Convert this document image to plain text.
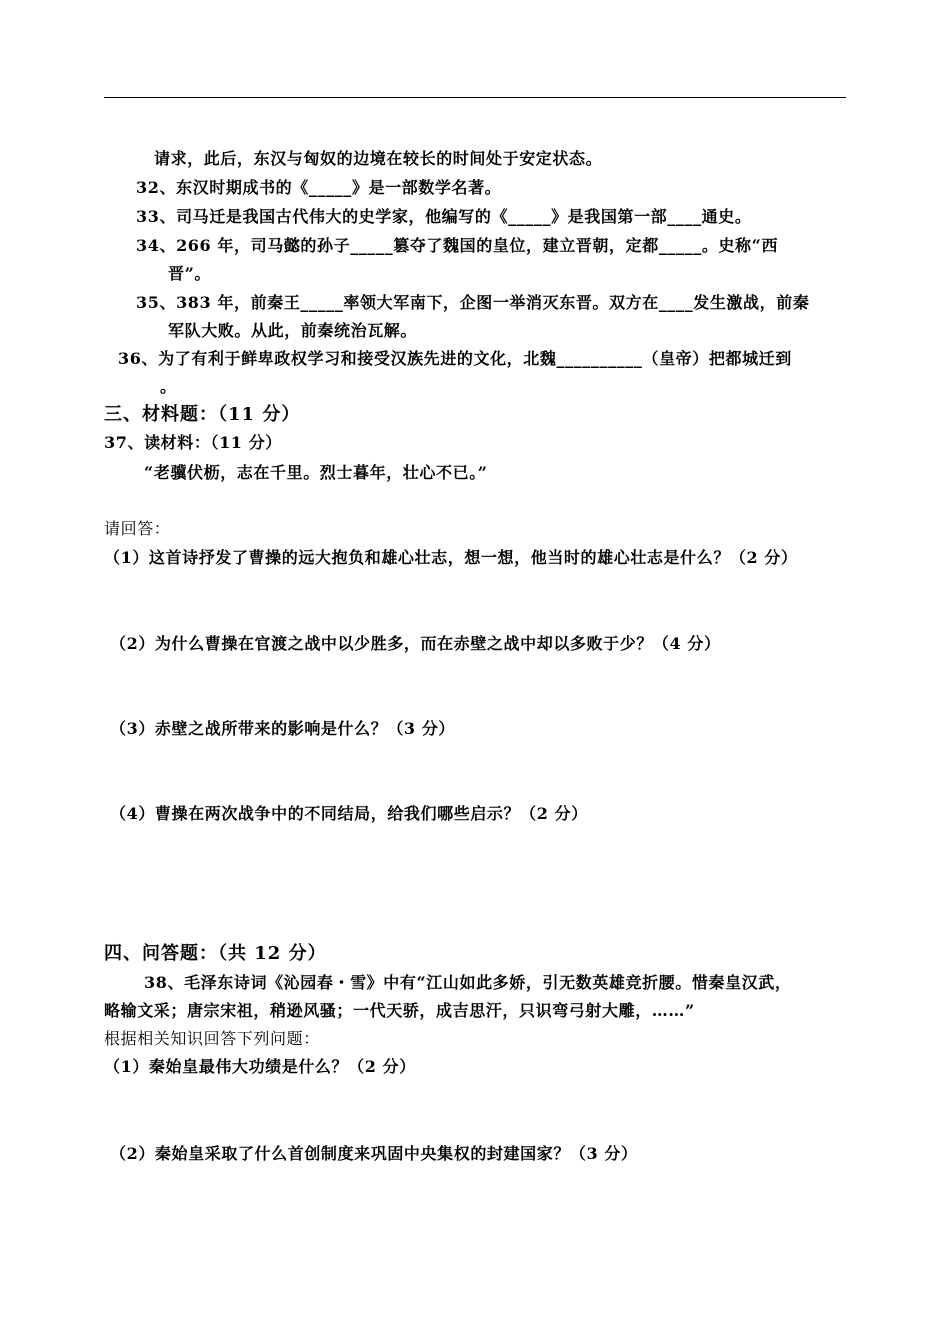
请求，此后，东汉与匈奴的边境在较长的时间处于安定状态。
32、东汉时期成书的《_____》是一部数学名著。
33、司马迁是我国古代伟大的史学家，他编写的《_____》是我国第一部____通史。
34、266 年，司马懿的孙子_____篡夺了魏国的皇位，建立晋朝，定都_____。史称“西
晋”。
35、383 年，前秦王_____率领大军南下，企图一举消灭东晋。双方在____发生激战，前秦
军队大败。从此，前秦统治瓦解。
36、为了有利于鲜卑政权学习和接受汉族先进的文化，北魏__________（皇帝）把都城迁到
。
三、材料题：（11 分）
37、读材料：（11 分）
“老骥伏枥，志在千里。烈士暮年，壮心不已。”
请回答：
（1）这首诗抒发了曹操的远大抱负和雄心壮志，想一想，他当时的雄心壮志是什么？（2 分）
（2）为什么曹操在官渡之战中以少胜多，而在赤壁之战中却以多败于少？（4 分）
（3）赤壁之战所带来的影响是什么？（3 分）
（4）曹操在两次战争中的不同结局，给我们哪些启示？（2 分）
四、问答题：（共 12 分）
38、毛泽东诗词《沁园春・雪》中有“江山如此多娇，引无数英雄竞折腰。惜秦皇汉武，
略输文采；唐宗宋祖，稍逊风骚；一代天骄，成吉思汗，只识弯弓射大雕，……”
根据相关知识回答下列问题：
（1）秦始皇最伟大功绩是什么？（2 分）
（2）秦始皇采取了什么首创制度来巩固中央集权的封建国家？（3 分）
